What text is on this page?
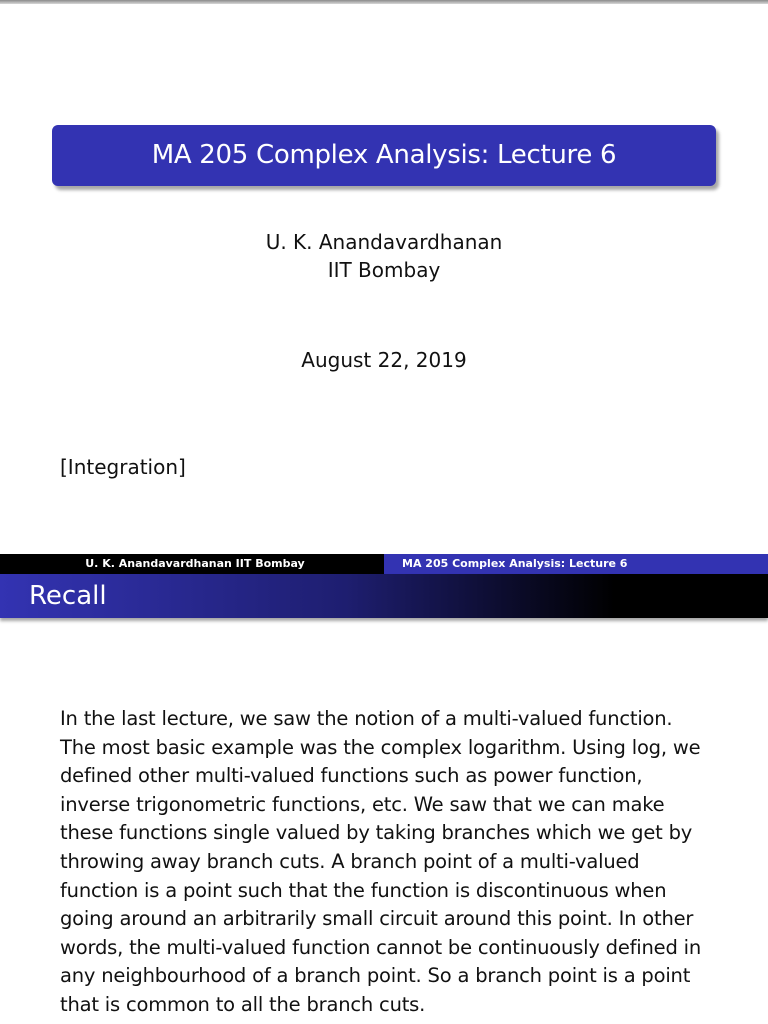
MA 205 Complex Analysis: Lecture 6
U. K. Anandavardhanan
IIT Bombay
August 22, 2019
[Integration]
U. K. Anandavardhanan IIT Bombay	MA 205 Complex Analysis: Lecture 6
Recall
In the last lecture, we saw the notion of a multi-valued function.
The most basic example was the complex logarithm. Using log, we
defined other multi-valued functions such as power function,
inverse trigonometric functions, etc. We saw that we can make
these functions single valued by taking branches which we get by
throwing away branch cuts. A branch point of a multi-valued
function is a point such that the function is discontinuous when
going around an arbitrarily small circuit around this point. In other
words, the multi-valued function cannot be continuously defined in
any neighbourhood of a branch point. So a branch point is a point
that is common to all the branch cuts.
